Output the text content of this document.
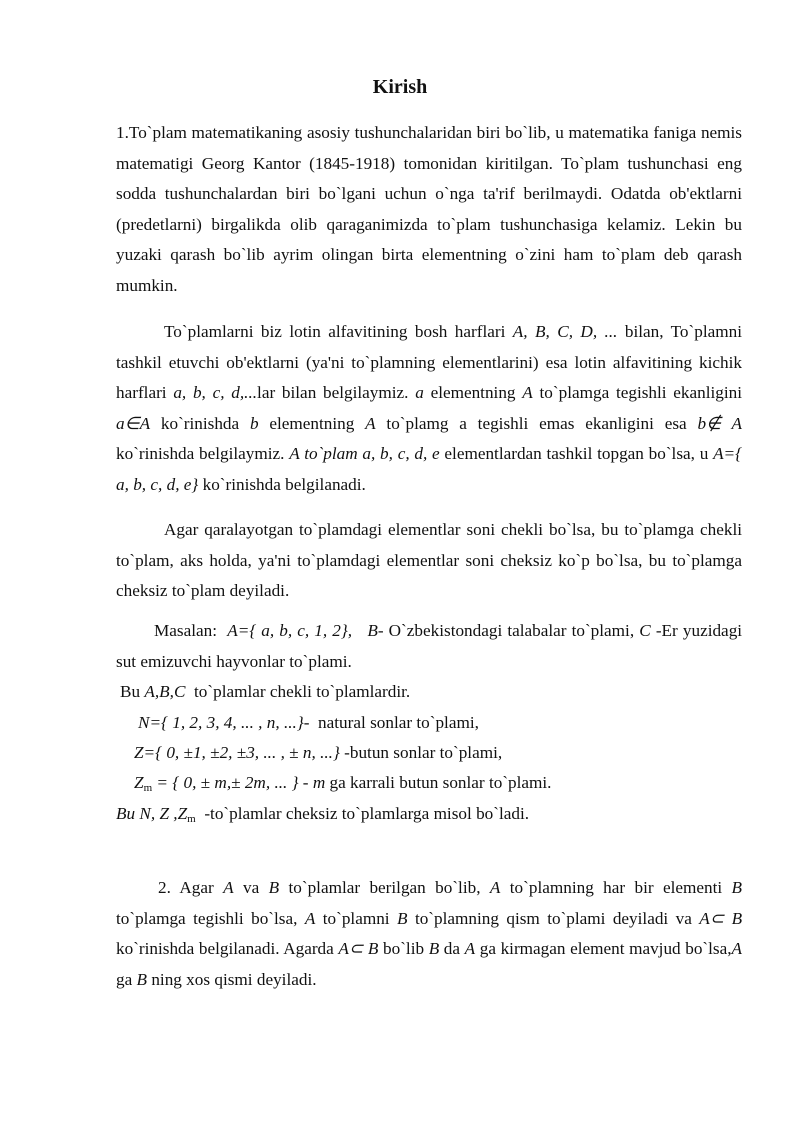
Kirish

1.To`plam matematikaning asosiy tushunchalaridan biri bo`lib, u matematika faniga nemis matematigi Georg Kantor (1845-1918) tomonidan kiritilgan. To`plam tushunchasi eng sodda tushunchalardan biri bo`lgani uchun o`nga ta'rif berilmaydi. Odatda ob'ektlarni (predetlarni) birgalikda olib qaraganimizda to`plam tushunchasiga kelamiz. Lekin bu yuzaki qarash bo`lib ayrim olingan birta elementning o`zini ham to`plam deb qarash mumkin.

To`plamlarni biz lotin alfavitining bosh harflari A, B, C, D, ... bilan, To`plamni tashkil etuvchi ob'ektlarni (ya'ni to`plamning elementlarini) esa lotin alfavitining kichik harflari a, b, c, d,...lar bilan belgilaymiz. a elementning A to`plamga tegishli ekanligini a∈A ko`rinishda b elementning A to`plamg a tegishli emas ekanligini esa b∉ A ko`rinishda belgilaymiz. A to`plam a, b, c, d, e elementlardan tashkil topgan bo`lsa, u A={ a, b, c, d, e} ko`rinishda belgilanadi.

Agar qaralayotgan to`plamdagi elementlar soni chekli bo`lsa, bu to`plamga chekli to`plam, aks holda, ya'ni to`plamdagi elementlar soni cheksiz ko`p bo`lsa, bu to`plamga cheksiz to`plam deyiladi.

Masalan: A={ a, b, c, 1, 2}, B- O`zbekistondagi talabalar to`plami, C -Er yuzidagi sut emizuvchi hayvonlar to`plami.

Bu A,B,C to`plamlar chekli to`plamlardir.

N={ 1, 2, 3, 4, ... , n, ...}- natural sonlar to`plami,

Z={ 0, ±1, ±2, ±3, ... , ± n, ...} -butun sonlar to`plami,

$Z_m$ = { 0, ± m,± 2m, ... } - m ga karrali butun sonlar to`plami.

Bu N, Z $,Z_m$ -to`plamlar cheksiz to`plamlarga misol bo`ladi.

2. Agar A va B to`plamlar berilgan bo`lib, A to`plamning har bir elementi B to`plamga tegishli bo`lsa, A to`plamni B to`plamning qism to`plami deyiladi va A⊂ B ko`rinishda belgilanadi. Agarda A⊂ B bo`lib B da A ga kirmagan element mavjud bo`lsa,A ga B ning xos qismi deyiladi.
